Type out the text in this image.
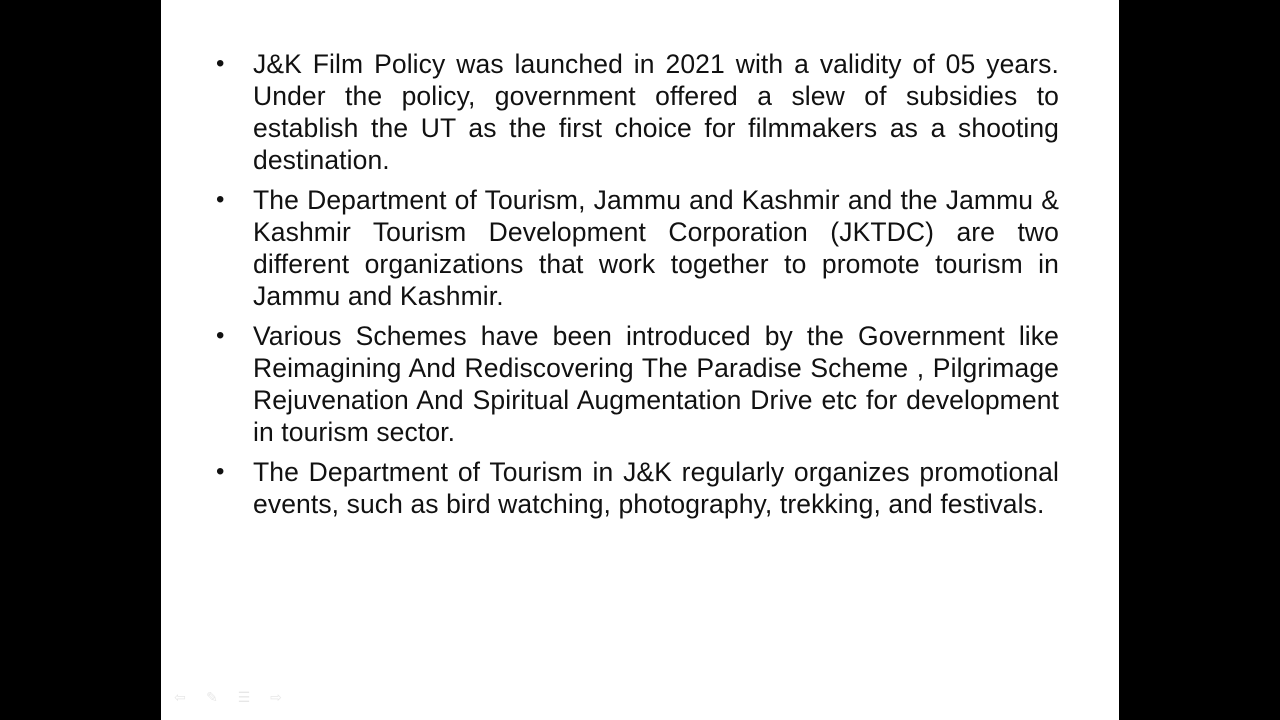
• J&K Film Policy was launched in 2021 with a validity of 05 years. Under the policy, government offered a slew of subsidies to establish the UT as the first choice for filmmakers as a shooting destination.
• The Department of Tourism, Jammu and Kashmir and the Jammu & Kashmir Tourism Development Corporation (JKTDC) are two different organizations that work together to promote tourism in Jammu and Kashmir.
• Various Schemes have been introduced by the Government like Reimagining And Rediscovering The Paradise Scheme , Pilgrimage Rejuvenation And Spiritual Augmentation Drive etc for development in tourism sector.
• The Department of Tourism in J&K regularly organizes promotional events, such as bird watching, photography, trekking, and festivals.
⇦ ✎ ☰ ⇨
